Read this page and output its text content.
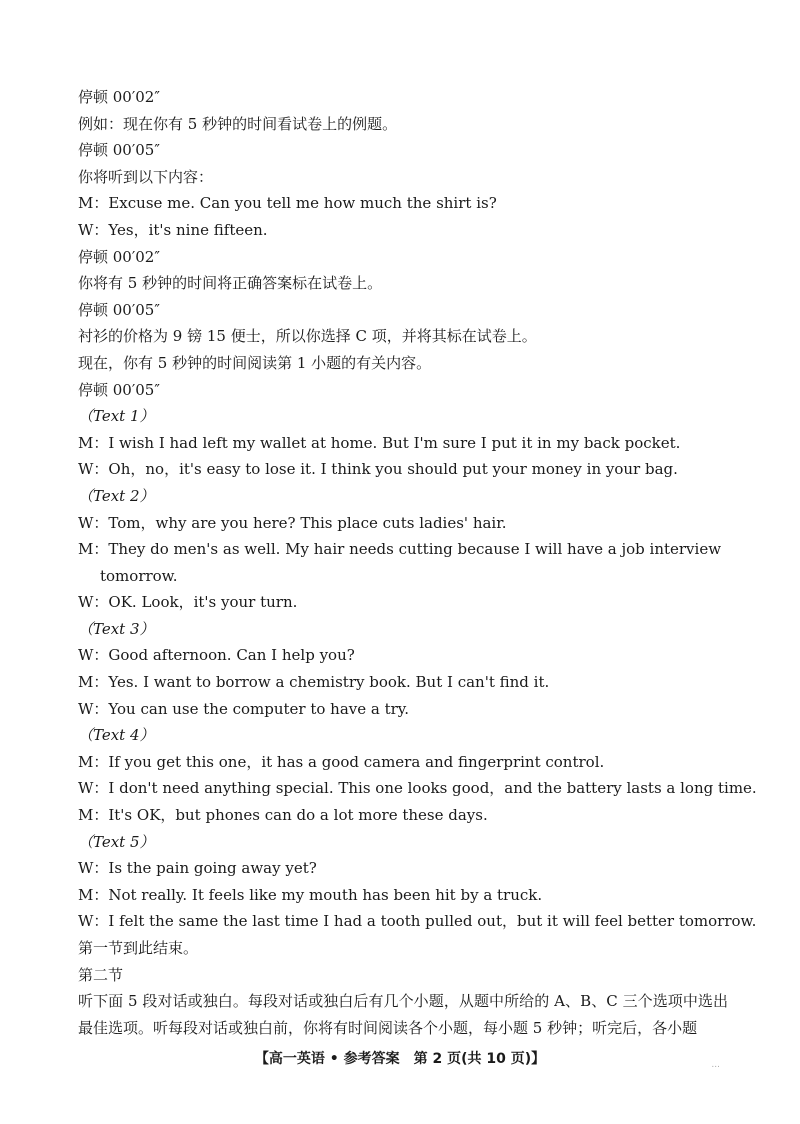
停顿 00′02″
例如：现在你有 5 秒钟的时间看试卷上的例题。
停顿 00′05″
你将听到以下内容：
M：Excuse me. Can you tell me how much the shirt is?
W：Yes，it's nine fifteen.
停顿 00′02″
你将有 5 秒钟的时间将正确答案标在试卷上。
停顿 00′05″
衬衫的价格为 9 镑 15 便士，所以你选择 C 项，并将其标在试卷上。
现在，你有 5 秒钟的时间阅读第 1 小题的有关内容。
停顿 00′05″
（Text 1）
M：I wish I had left my wallet at home. But I'm sure I put it in my back pocket.
W：Oh，no，it's easy to lose it. I think you should put your money in your bag.
（Text 2）
W：Tom，why are you here? This place cuts ladies' hair.
M：They do men's as well. My hair needs cutting because I will have a job interview
tomorrow.
W：OK. Look，it's your turn.
（Text 3）
W：Good afternoon. Can I help you?
M：Yes. I want to borrow a chemistry book. But I can't find it.
W：You can use the computer to have a try.
（Text 4）
M：If you get this one，it has a good camera and fingerprint control.
W：I don't need anything special. This one looks good，and the battery lasts a long time.
M：It's OK，but phones can do a lot more these days.
（Text 5）
W：Is the pain going away yet?
M：Not really. It feels like my mouth has been hit by a truck.
W：I felt the same the last time I had a tooth pulled out，but it will feel better tomorrow.
第一节到此结束。
第二节
听下面 5 段对话或独白。每段对话或独白后有几个小题，从题中所给的 A、B、C 三个选项中选出最佳选项。听每段对话或独白前，你将有时间阅读各个小题，每小题 5 秒钟；听完后，各小题
【高一英语 • 参考答案　第 2 页(共 10 页)】	...
